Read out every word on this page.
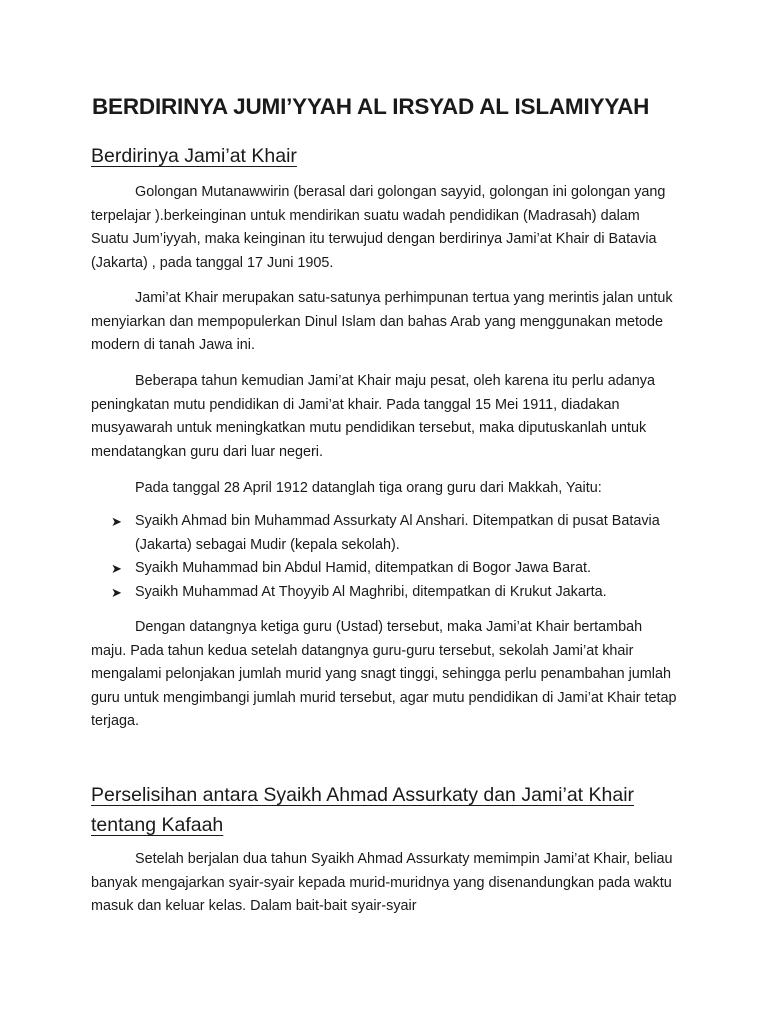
BERDIRINYA JUMI’YYAH AL IRSYAD AL ISLAMIYYAH
Berdirinya Jami’at Khair

Golongan Mutanawwirin (berasal dari golongan sayyid, golongan ini golongan yang terpelajar ).berkeinginan untuk mendirikan suatu wadah pendidikan (Madrasah) dalam Suatu Jum’iyyah, maka keinginan itu terwujud dengan berdirinya Jami’at Khair di Batavia (Jakarta) , pada tanggal 17 Juni 1905.

Jami’at Khair merupakan satu-satunya perhimpunan tertua yang merintis jalan untuk menyiarkan dan mempopulerkan Dinul Islam dan bahas Arab yang menggunakan metode modern di tanah Jawa ini.

Beberapa tahun kemudian Jami’at Khair maju pesat, oleh karena itu perlu adanya peningkatan mutu pendidikan di Jami’at khair. Pada tanggal 15 Mei 1911, diadakan musyawarah untuk meningkatkan mutu pendidikan tersebut, maka diputuskanlah untuk mendatangkan guru dari luar negeri.

Pada tanggal 28 April 1912 datanglah tiga orang guru dari Makkah, Yaitu:

➤ Syaikh Ahmad bin Muhammad Assurkaty Al Anshari. Ditempatkan di pusat Batavia (Jakarta) sebagai Mudir (kepala sekolah).
➤ Syaikh Muhammad bin Abdul Hamid, ditempatkan di Bogor Jawa Barat.
➤ Syaikh Muhammad At Thoyyib Al Maghribi, ditempatkan di Krukut Jakarta.

Dengan datangnya ketiga guru (Ustad) tersebut, maka Jami’at Khair bertambah maju. Pada tahun kedua setelah datangnya guru-guru tersebut, sekolah Jami’at khair mengalami pelonjakan jumlah murid yang snagt tinggi, sehingga perlu penambahan jumlah guru untuk mengimbangi jumlah murid tersebut, agar mutu pendidikan di Jami’at Khair tetap terjaga.

Perselisihan antara Syaikh Ahmad Assurkaty dan Jami’at Khair
tentang Kafaah

Setelah berjalan dua tahun Syaikh Ahmad Assurkaty memimpin Jami’at Khair, beliau banyak mengajarkan syair-syair kepada murid-muridnya yang disenandungkan pada waktu masuk dan keluar kelas. Dalam bait-bait syair-syair
